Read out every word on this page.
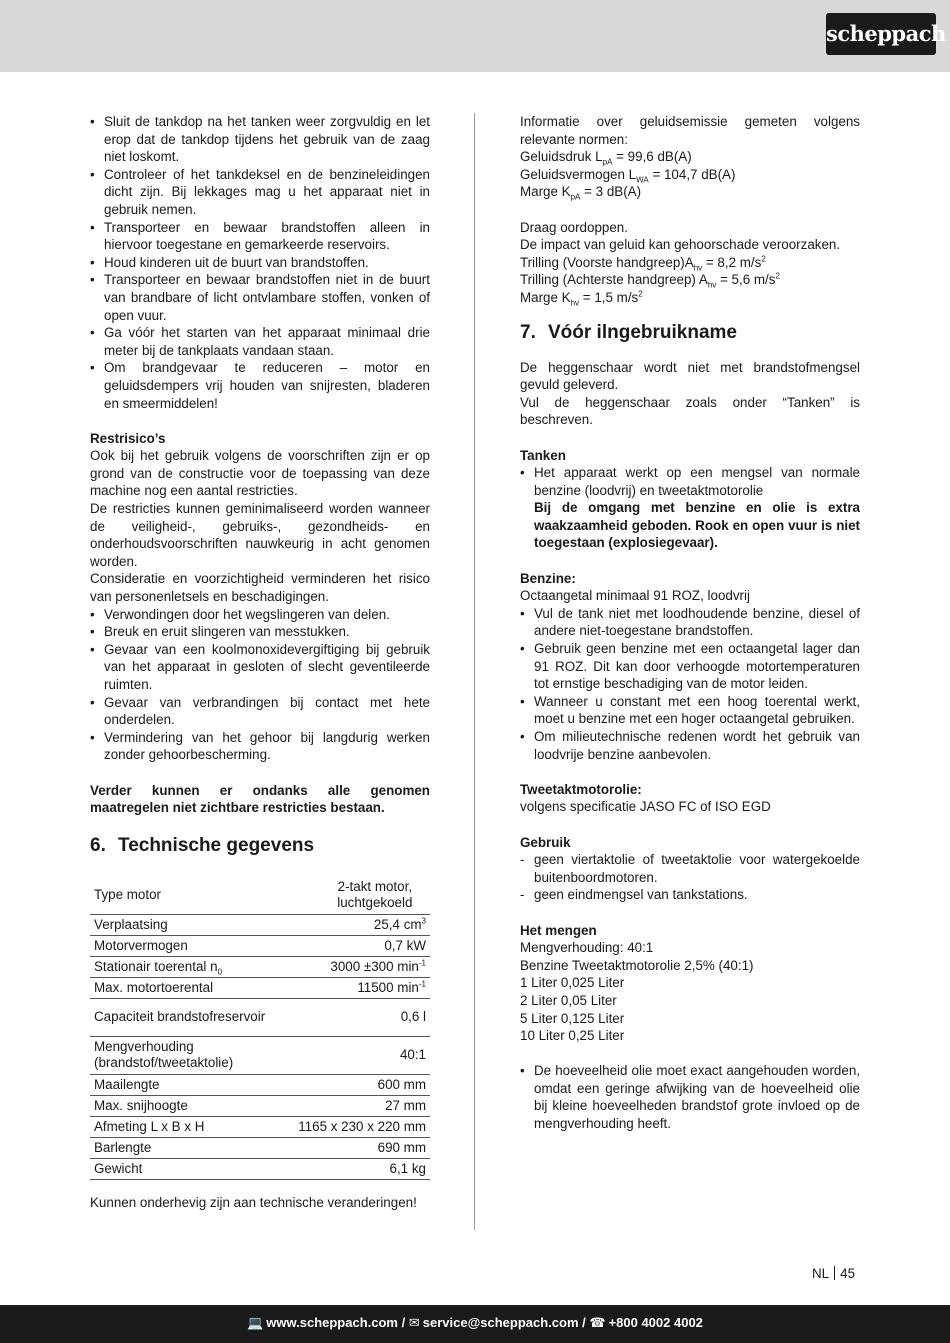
scheppach
• Sluit de tankdop na het tanken weer zorgvuldig en let erop dat de tankdop tijdens het gebruik van de zaag niet loskomt.
• Controleer of het tankdeksel en de benzineleidingen dicht zijn. Bij lekkages mag u het apparaat niet in gebruik nemen.
• Transporteer en bewaar brandstoffen alleen in hiervoor toegestane en gemarkeerde reservoirs.
• Houd kinderen uit de buurt van brandstoffen.
• Transporteer en bewaar brandstoffen niet in de buurt van brandbare of licht ontvlambare stoffen, vonken of open vuur.
• Ga vóór het starten van het apparaat minimaal drie meter bij de tankplaats vandaan staan.
• Om brandgevaar te reduceren – motor en geluidsdempers vrij houden van snijresten, bladeren en smeermiddelen!

Restrisico’s

Ook bij het gebruik volgens de voorschriften zijn er op grond van de constructie voor de toepassing van deze machine nog een aantal restricties.

De restricties kunnen geminimaliseerd worden wanneer de veiligheid-, gebruiks-, gezondheids- en onderhoudsvoorschriften nauwkeurig in acht genomen worden.

Consideratie en voorzichtigheid verminderen het risico van personenletsels en beschadigingen.

• Verwondingen door het wegslingeren van delen.
• Breuk en eruit slingeren van messtukken.
• Gevaar van een koolmonoxidevergiftiging bij gebruik van het apparaat in gesloten of slecht geventileerde ruimten.
• Gevaar van verbrandingen bij contact met hete onderdelen.
• Vermindering van het gehoor bij langdurig werken zonder gehoorbescherming.

Verder kunnen er ondanks alle genomen maatregelen niet zichtbare restricties bestaan.

6. Technische gegevens
Type motor	2-takt motor, luchtgekoeld
Verplaatsing	25,4 $cm^3$
Motorvermogen	0,7 kW
Stationair toerental $n_0$	3000 ±300 $\min^{-1}$
Max. motortoerental	11500 $\min^{-1}$
Capaciteit brandstofreservoir	0,6 l
Mengverhouding (brandstof/tweetaktolie)	40:1
Maailengte	600 mm
Max. snijhoogte	27 mm
Afmeting L x B x H	1165 x 230 x 220 mm
Barlengte	690 mm
Gewicht	6,1 kg

Kunnen onderhevig zijn aan technische veranderingen!

Informatie over geluidsemissie gemeten volgens relevante normen:

Geluidsdruk $L_{pA} = 99,6$ dB(A)

Geluidsvermogen $L_{WA} = 104,7$ dB(A)

Marge $K_{pA} = 3$ dB(A)

Draag oordoppen.

De impact van geluid kan gehoorschade veroorzaken.

Trilling (Voorste $handgreep)A_{hv} = 8,2$ $m/s^2$

Trilling (Achterste handgreep) $A_{hv} = 5,6$ $m/s^2$

Marge $K_{hv} = 1,5$ $m/s^2$

7. Vóór ilngebruikname

De heggenschaar wordt niet met brandstofmengsel gevuld geleverd.

Vul de heggenschaar zoals onder “Tanken” is beschreven.

Tanken

• Het apparaat werkt op een mengsel van normale benzine (loodvrij) en tweetaktmotorolie
Bij de omgang met benzine en olie is extra waakzaamheid geboden. Rook en open vuur is niet toegestaan (explosiegevaar).

Benzine:

Octaangetal minimaal 91 ROZ, loodvrij

• Vul de tank niet met loodhoudende benzine, diesel of andere niet-toegestane brandstoffen.
• Gebruik geen benzine met een octaangetal lager dan 91 ROZ. Dit kan door verhoogde motortemperaturen tot ernstige beschadiging van de motor leiden.
• Wanneer u constant met een hoog toerental werkt, moet u benzine met een hoger octaangetal gebruiken.
• Om milieutechnische redenen wordt het gebruik van loodvrije benzine aanbevolen.

Tweetaktmotorolie:

volgens specificatie JASO FC of ISO EGD

Gebruik

- geen viertaktolie of tweetaktolie voor watergekoelde buitenboordmotoren.
- geen eindmengsel van tankstations.

Het mengen

Mengverhouding: 40:1

Benzine Tweetaktmotorolie 2,5% (40:1)

1 Liter 0,025 Liter

2 Liter 0,05 Liter

5 Liter 0,125 Liter

10 Liter 0,25 Liter

• De hoeveelheid olie moet exact aangehouden worden, omdat een geringe afwijking van de hoeveelheid olie bij kleine hoeveelheden brandstof grote invloed op de mengverhouding heeft.
NL 45
💻 www.scheppach.com / ✉ service@scheppach.com / ☎ +800 4002 4002
